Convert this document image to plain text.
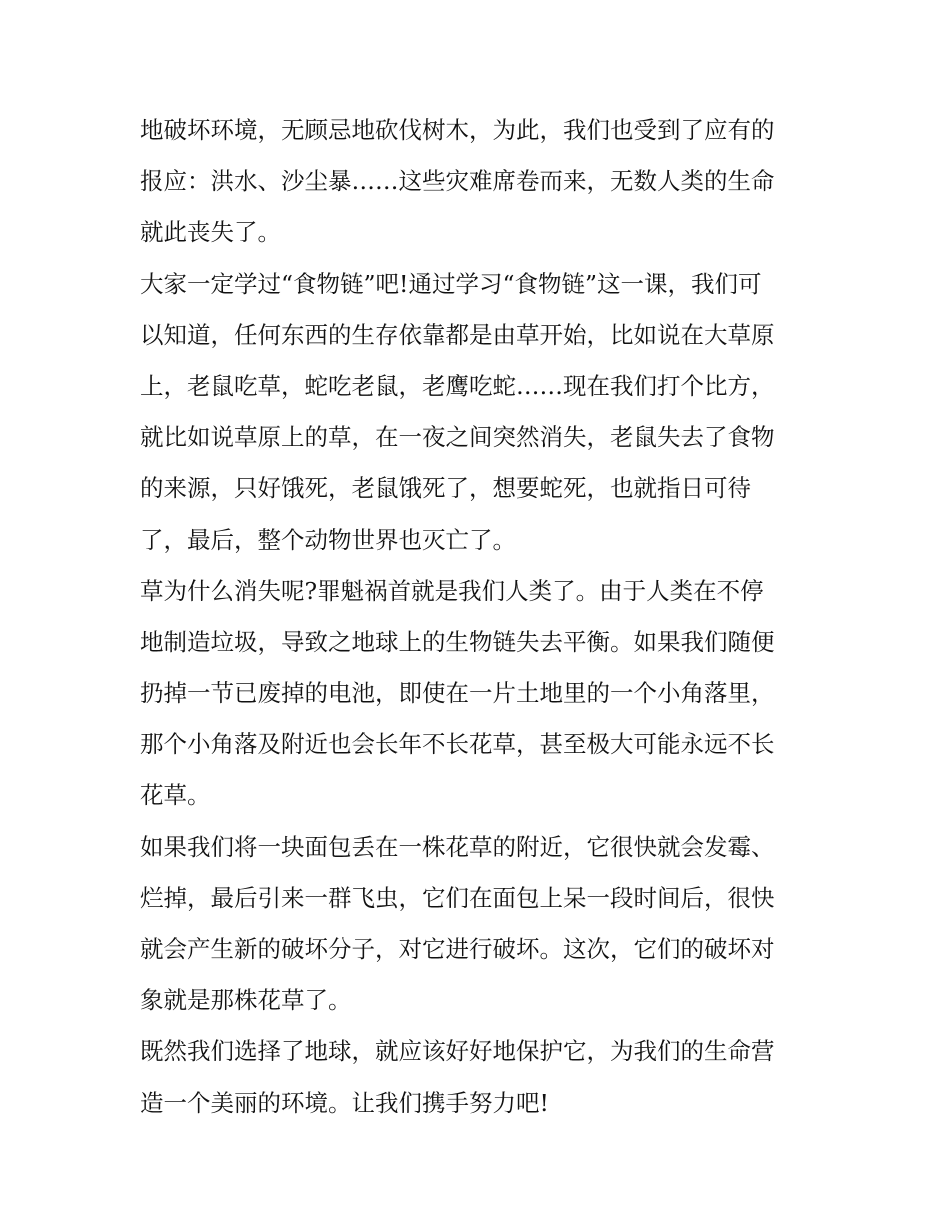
地破坏环境，无顾忌地砍伐树木，为此，我们也受到了应有的
报应：洪水、沙尘暴……这些灾难席卷而来，无数人类的生命
就此丧失了。
大家一定学过“食物链”吧!通过学习“食物链”这一课，我们可
以知道，任何东西的生存依靠都是由草开始，比如说在大草原
上，老鼠吃草，蛇吃老鼠，老鹰吃蛇……现在我们打个比方，
就比如说草原上的草，在一夜之间突然消失，老鼠失去了食物
的来源，只好饿死，老鼠饿死了，想要蛇死，也就指日可待
了，最后，整个动物世界也灭亡了。
草为什么消失呢?罪魁祸首就是我们人类了。由于人类在不停
地制造垃圾，导致之地球上的生物链失去平衡。如果我们随便
扔掉一节已废掉的电池，即使在一片土地里的一个小角落里，
那个小角落及附近也会长年不长花草，甚至极大可能永远不长
花草。
如果我们将一块面包丢在一株花草的附近，它很快就会发霉、
烂掉，最后引来一群飞虫，它们在面包上呆一段时间后，很快
就会产生新的破坏分子，对它进行破坏。这次，它们的破坏对
象就是那株花草了。
既然我们选择了地球，就应该好好地保护它，为我们的生命营
造一个美丽的环境。让我们携手努力吧!
